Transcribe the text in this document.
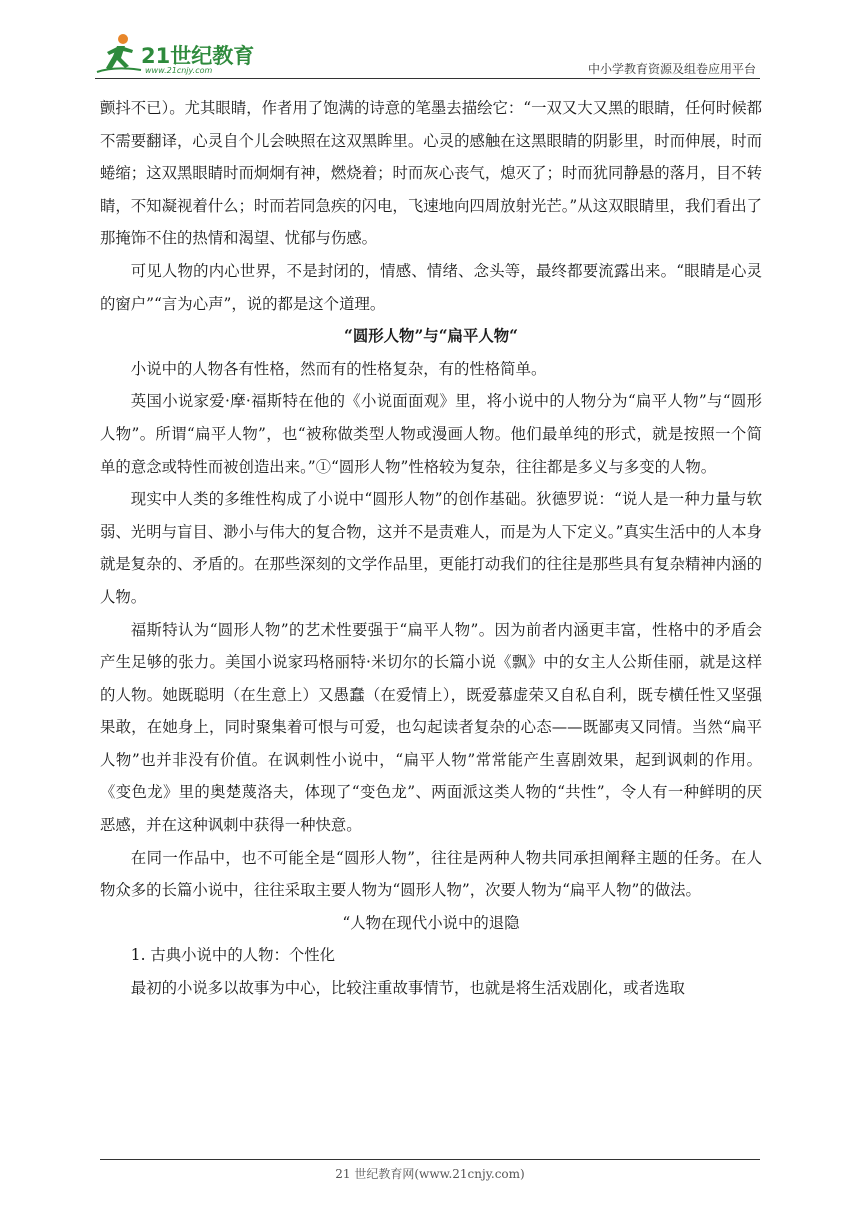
21世纪教育
www.21cnjy.com	中小学教育资源及组卷应用平台

颤抖不已）。尤其眼睛，作者用了饱满的诗意的笔墨去描绘它：“一双又大又黑的眼睛，任何时候都不需要翻译，心灵自个儿会映照在这双黑眸里。心灵的感触在这黑眼睛的阴影里，时而伸展，时而蜷缩；这双黑眼睛时而炯炯有神，燃烧着；时而灰心丧气，熄灭了；时而犹同静悬的落月，目不转睛，不知凝视着什么；时而若同急疾的闪电，飞速地向四周放射光芒。”从这双眼睛里，我们看出了那掩饰不住的热情和渴望、忧郁与伤感。

可见人物的内心世界，不是封闭的，情感、情绪、念头等，最终都要流露出来。“眼睛是心灵的窗户”“言为心声”，说的都是这个道理。

“圆形人物”与“扁平人物“

小说中的人物各有性格，然而有的性格复杂，有的性格简单。

英国小说家爱·摩·福斯特在他的《小说面面观》里，将小说中的人物分为“扁平人物”与“圆形人物”。所谓“扁平人物”，也“被称做类型人物或漫画人物。他们最单纯的形式，就是按照一个简单的意念或特性而被创造出来。”①“圆形人物”性格较为复杂，往往都是多义与多变的人物。

现实中人类的多维性构成了小说中“圆形人物”的创作基础。狄德罗说：“说人是一种力量与软弱、光明与盲目、渺小与伟大的复合物，这并不是责难人，而是为人下定义。”真实生活中的人本身就是复杂的、矛盾的。在那些深刻的文学作品里，更能打动我们的往往是那些具有复杂精神内涵的人物。

福斯特认为“圆形人物”的艺术性要强于“扁平人物”。因为前者内涵更丰富，性格中的矛盾会产生足够的张力。美国小说家玛格丽特·米切尔的长篇小说《飘》中的女主人公斯佳丽，就是这样的人物。她既聪明（在生意上）又愚蠢（在爱情上），既爱慕虚荣又自私自利，既专横任性又坚强果敢，在她身上，同时聚集着可恨与可爱，也勾起读者复杂的心态——既鄙夷又同情。当然“扁平人物”也并非没有价值。在讽刺性小说中，“扁平人物”常常能产生喜剧效果，起到讽刺的作用。《变色龙》里的奥楚蔑洛夫，体现了“变色龙”、两面派这类人物的“共性”，令人有一种鲜明的厌恶感，并在这种讽刺中获得一种快意。

在同一作品中，也不可能全是“圆形人物”，往往是两种人物共同承担阐释主题的任务。在人物众多的长篇小说中，往往采取主要人物为“圆形人物”，次要人物为“扁平人物”的做法。

“人物在现代小说中的退隐

1. 古典小说中的人物：个性化

最初的小说多以故事为中心，比较注重故事情节，也就是将生活戏剧化，或者选取

21 世纪教育网(www.21cnjy.com)
